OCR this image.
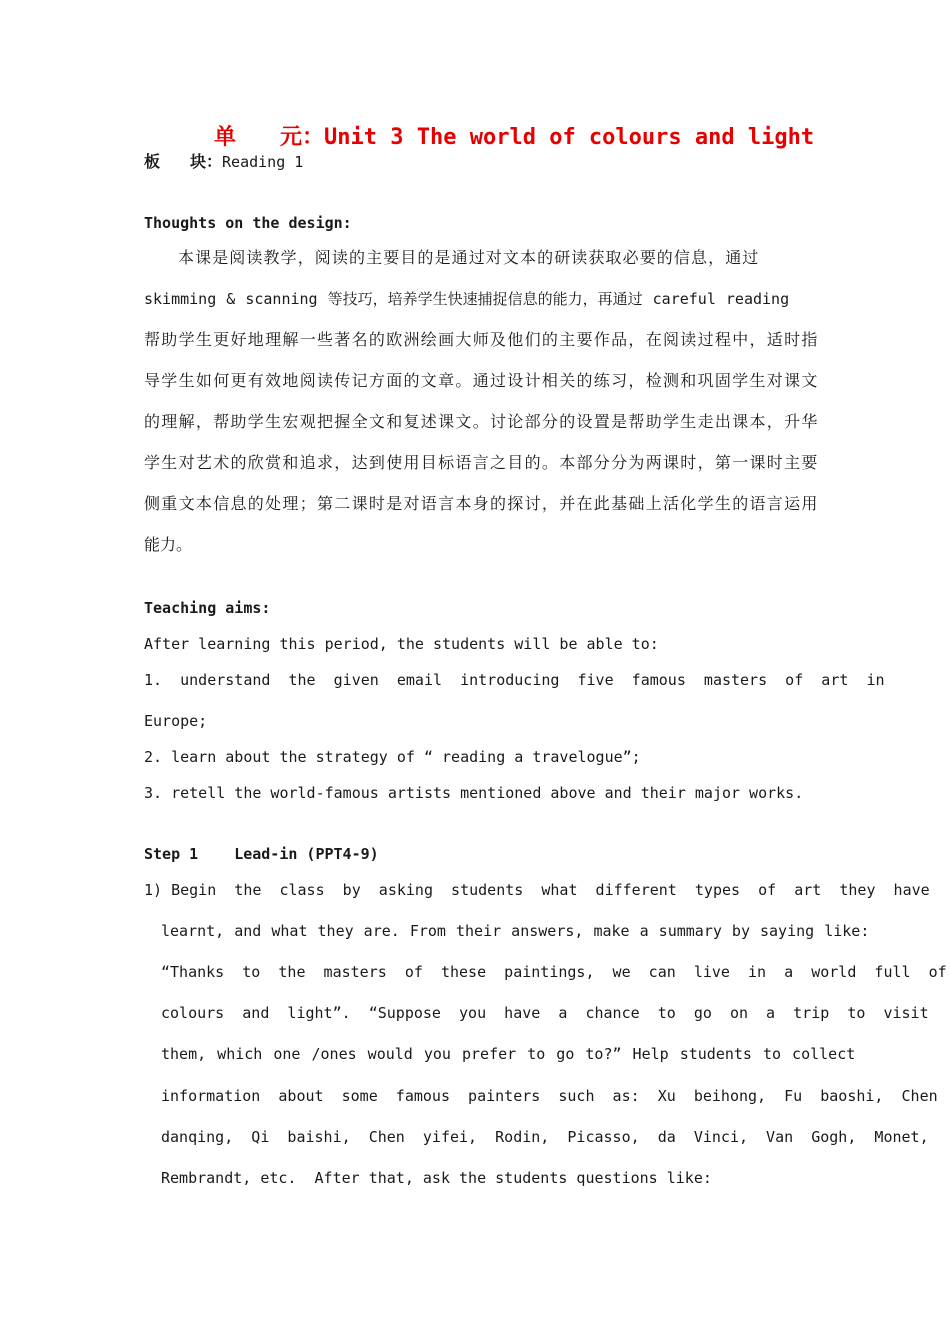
单 元：Unit 3 The world of colours and light
板 块：Reading 1
Thoughts on the design:
本课是阅读教学，阅读的主要目的是通过对文本的研读获取必要的信息，通过
skimming & scanning 等技巧，培养学生快速捕捉信息的能力，再通过 careful reading
帮助学生更好地理解一些著名的欧洲绘画大师及他们的主要作品，在阅读过程中，适时指
导学生如何更有效地阅读传记方面的文章。通过设计相关的练习，检测和巩固学生对课文
的理解，帮助学生宏观把握全文和复述课文。讨论部分的设置是帮助学生走出课本，升华
学生对艺术的欣赏和追求，达到使用目标语言之目的。本部分分为两课时，第一课时主要
侧重文本信息的处理；第二课时是对语言本身的探讨，并在此基础上活化学生的语言运用
能力。
Teaching aims:
After learning this period, the students will be able to:
1.  understand  the  given  email  introducing  five  famous  masters  of  art  in
Europe;
2. learn about the strategy of “ reading a travelogue”;
3. retell the world-famous artists mentioned above and their major works.
Step 1 Lead-in (PPT4-9)
1) Begin  the  class  by  asking  students  what  different  types  of  art  they  have
learnt, and what they are. From their answers, make a summary by saying like:
“Thanks  to  the  masters  of  these  paintings,  we  can  live  in  a  world  full  of
colours  and  light”.  “Suppose  you  have  a  chance  to  go  on  a  trip  to  visit
them, which one /ones would you prefer to go to?” Help students to collect
information  about  some  famous  painters  such  as:  Xu  beihong,  Fu  baoshi,  Chen
danqing,  Qi  baishi,  Chen  yifei,  Rodin,  Picasso,  da  Vinci,  Van  Gogh,  Monet,
Rembrandt, etc.  After that, ask the students questions like:
